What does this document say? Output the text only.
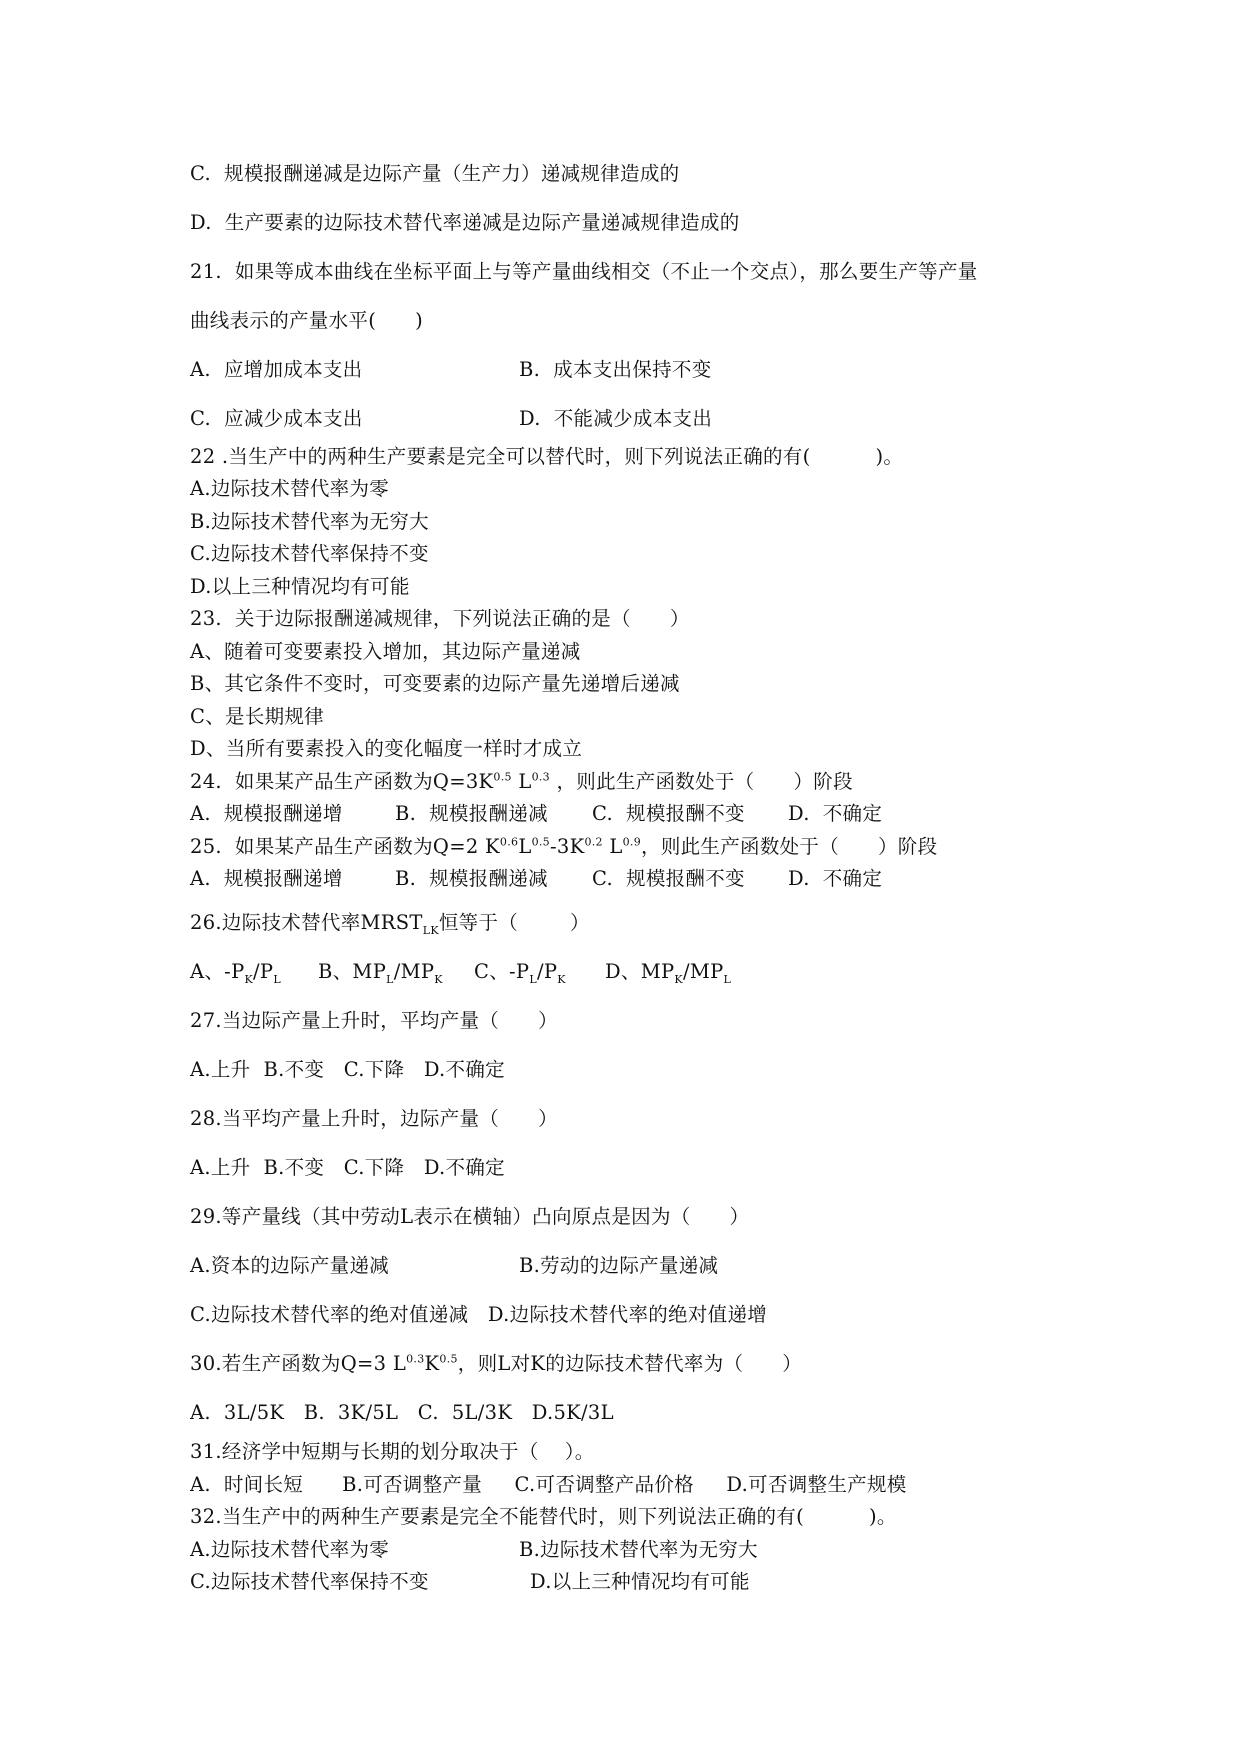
C.  规模报酬递减是边际产量（生产力）递减规律造成的
D.  生产要素的边际技术替代率递减是边际产量递减规律造成的
21.  如果等成本曲线在坐标平面上与等产量曲线相交（不止一个交点），那么要生产等产量
曲线表示的产量水平(      )
A.  应增加成本支出	B.  成本支出保持不变
C.  应减少成本支出	D.  不能减少成本支出
22 .当生产中的两种生产要素是完全可以替代时，则下列说法正确的有(          )。
A.边际技术替代率为零
B.边际技术替代率为无穷大
C.边际技术替代率保持不变
D.以上三种情况均有可能
23.  关于边际报酬递减规律，下列说法正确的是（      ）
A、随着可变要素投入增加，其边际产量递减
B、其它条件不变时，可变要素的边际产量先递增后递减
C、是长期规律
D、当所有要素投入的变化幅度一样时才成立
24.  如果某产品生产函数为$Q=3K^{0.5}$ $L^{0.3}$ ，则此生产函数处于（      ）阶段
A.  规模报酬递增	B.  规模报酬递减 C.  规模报酬不变 D.  不确定
25.  如果某产品生产函数为Q=2 $K^{0.6}L^{0.5}-3K^{0.2}$ $L^{0.9}$，则此生产函数处于（      ）阶段
A.  规模报酬递增	B.  规模报酬递减 C.  规模报酬不变 D.  不确定
26.边际技术替代率$MRST_{LK}$恒等于（        ）
A、$-P_K/P_L$ B、$MP_L/MP_K$ C、$-P_L/P_K$ D、$MP_K/MP_L$
27.当边际产量上升时，平均产量（      ）
A.上升  B.不变   C.下降   D.不确定
28.当平均产量上升时，边际产量（      ）
A.上升  B.不变   C.下降   D.不确定
29.等产量线（其中劳动L表示在横轴）凸向原点是因为（      ）
A.资本的边际产量递减	B.劳动的边际产量递减
C.边际技术替代率的绝对值递减   D.边际技术替代率的绝对值递增
30.若生产函数为Q=3 $L^{0.3}K^{0.5}$，则L对K的边际技术替代率为（      ）
A.  3L/5K   B.  3K/5L   C.  5L/3K   D.5K/3L
31.经济学中短期与长期的划分取决于（    ）。
A.  时间长短      B.可否调整产量     C.可否调整产品价格     D.可否调整生产规模
32.当生产中的两种生产要素是完全不能替代时，则下列说法正确的有(          )。
A.边际技术替代率为零	B.边际技术替代率为无穷大
C.边际技术替代率保持不变	D.以上三种情况均有可能
